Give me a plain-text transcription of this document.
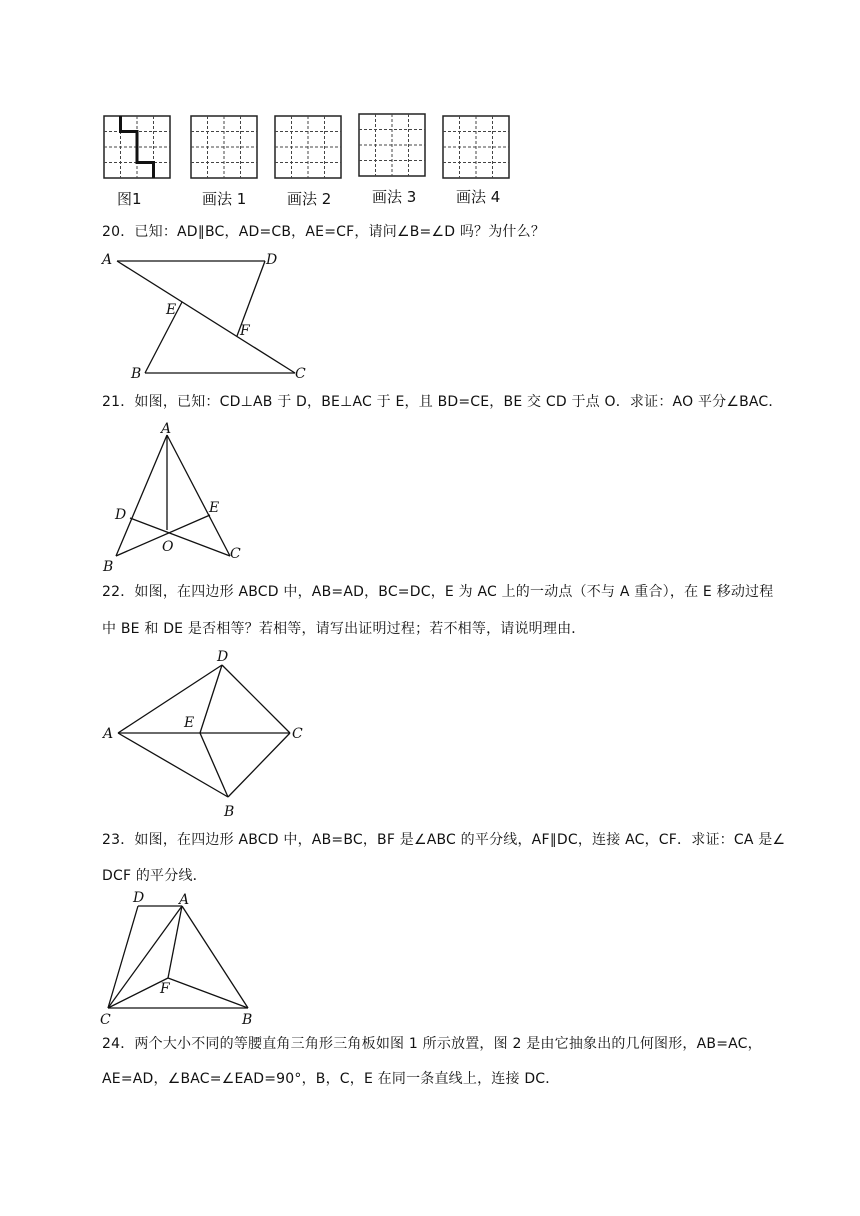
图1	画法 1	画法 2	画法 3	画法 4
20．已知：AD∥BC，AD=CB，AE=CF，请问∠B=∠D 吗？为什么？
A	D
E
F
B	C
21．如图，已知：CD⊥AB 于 D，BE⊥AC 于 E，且 BD=CE，BE 交 CD 于点 O．求证：AO 平分∠BAC．
A
D	E
B
O	C
22．如图，在四边形 ABCD 中，AB=AD，BC=DC，E 为 AC 上的一动点（不与 A 重合），在 E 移动过程
中 BE 和 DE 是否相等？若相等，请写出证明过程；若不相等，请说明理由．
D
A
E
C
B
23．如图，在四边形 ABCD 中，AB=BC，BF 是∠ABC 的平分线，AF∥DC，连接 AC，CF．求证：CA 是∠
DCF 的平分线．
D A
F
C	B
24．两个大小不同的等腰直角三角形三角板如图 1 所示放置，图 2 是由它抽象出的几何图形，AB=AC，
AE=AD，∠BAC=∠EAD=90°，B，C，E 在同一条直线上，连接 DC．
